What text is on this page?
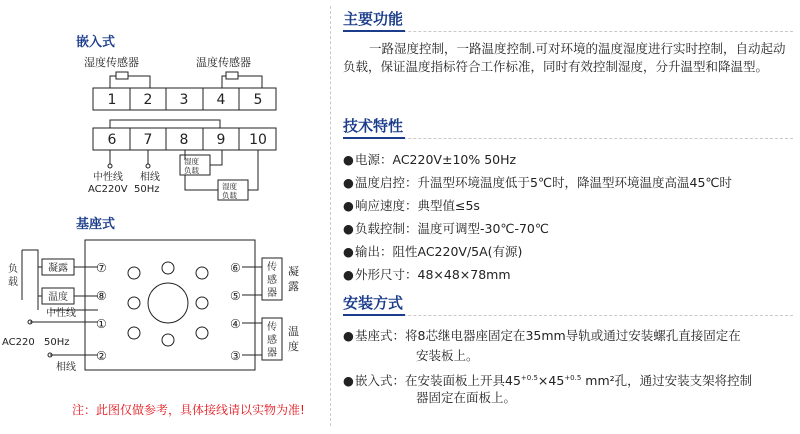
嵌入式
基座式
湿度传感器	温度传感器
1 2 3 4 5
6 7 8 9 10
中性线
AC220V
相线
50Hz
湿度
负载
湿度
负载
凝露
温度
负
载
中性线
AC220 50Hz
相线
⑦
⑧
①
②
⑥
⑤
④
③
传
感
器
传
感
器
凝
露
温
度
注：此图仅做参考，具体接线请以实物为准!
主要功能
一路湿度控制，一路温度控制.可对环境的温度湿度进行实时控制，自动起动负载，保证温度指标符合工作标准，同时有效控制湿度，分升温型和降温型。
技术特性
●电源：AC220V±10% 50Hz
●温度启控：升温型环境温度低于5℃时，降温型环境温度高温45℃时
●响应速度：典型值≤5s
●负载控制：温度可调型-30℃-70℃
●输出：阻性AC220V/5A(有源)
●外形尺寸：48×48×78mm
安装方式
●基座式：将8芯继电器座固定在35mm导轨或通过安装螺孔直接固定在
安装板上。
●嵌入式：在安装面板上开具$45^{+0.5}\times 45^{+0.5}$ mm²孔，通过安装支架将控制
器固定在面板上。
